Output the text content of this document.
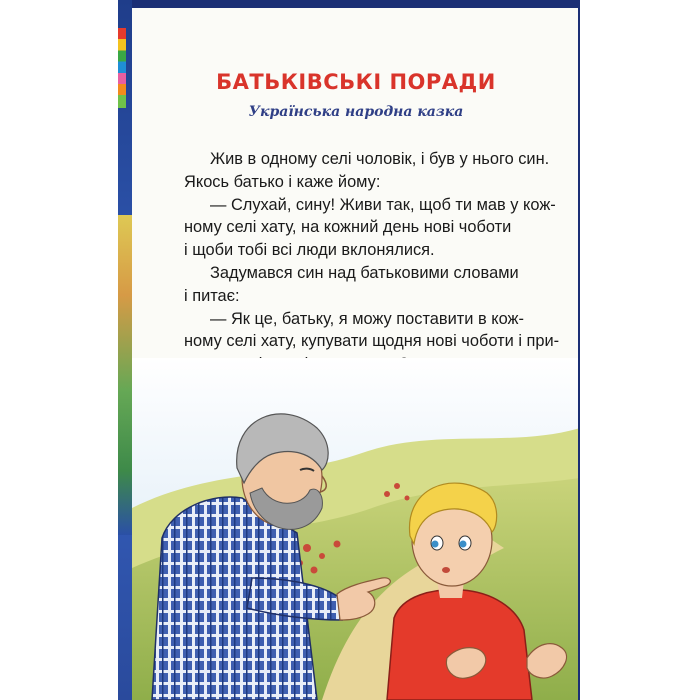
БАТЬКІВСЬКІ ПОРАДИ
Українська народна казка
Жив в одному селі чоловік, і був у нього син.
Якось батько і каже йому:
— Слухай, сину! Живи так, щоб ти мав у кож-
ному селі хату, на кожний день нові чоботи
і щоби тобі всі люди вклонялися.
Задумався син над батьковими словами
і питає:
— Як це, батьку, я можу поставити в кож-
ному селі хату, купувати щодня нові чоботи і при-
